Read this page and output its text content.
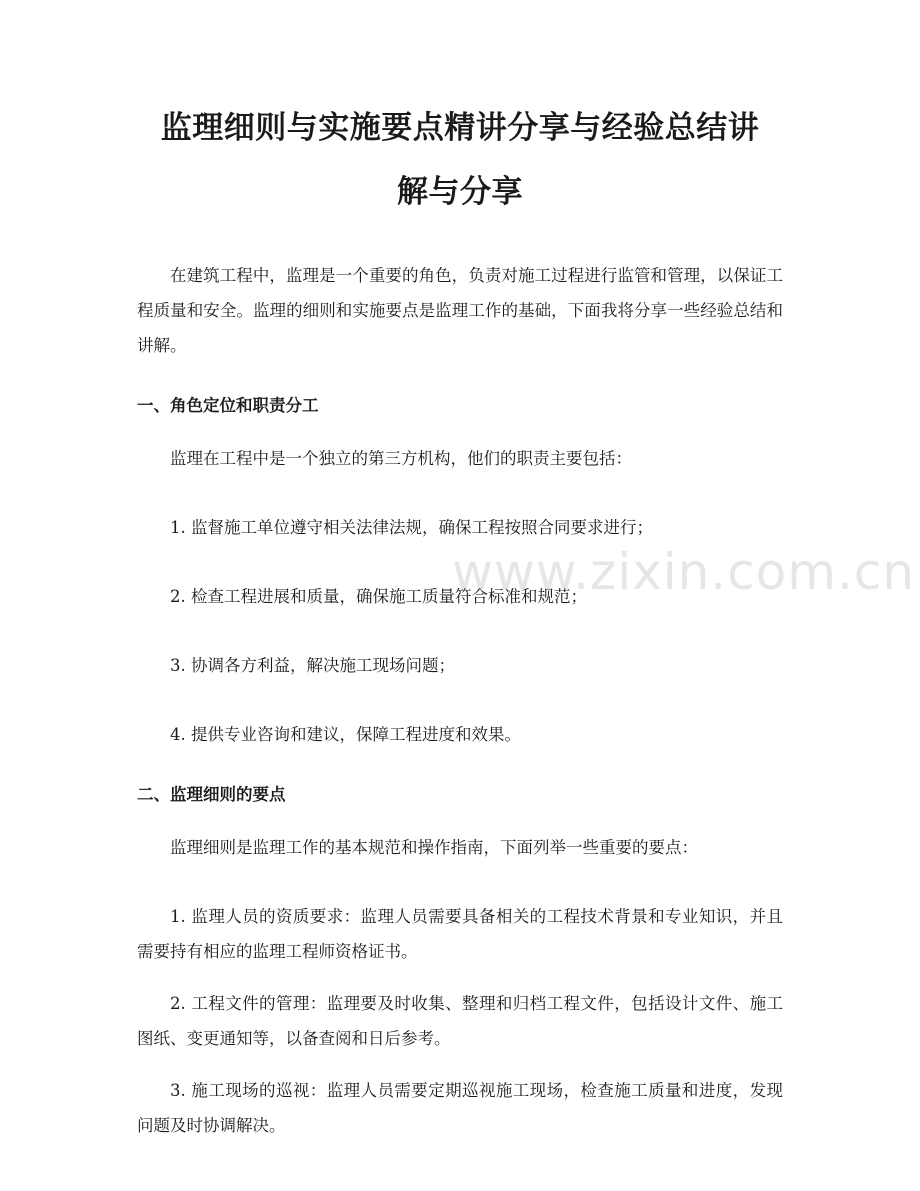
监理细则与实施要点精讲分享与经验总结讲
解与分享

在建筑工程中，监理是一个重要的角色，负责对施工过程进行监管和管理，以保证工程质量和安全。监理的细则和实施要点是监理工作的基础，下面我将分享一些经验总结和讲解。

一、角色定位和职责分工

监理在工程中是一个独立的第三方机构，他们的职责主要包括：

1. 监督施工单位遵守相关法律法规，确保工程按照合同要求进行；

2. 检查工程进展和质量，确保施工质量符合标准和规范；

3. 协调各方利益，解决施工现场问题；

4. 提供专业咨询和建议，保障工程进度和效果。

二、监理细则的要点

监理细则是监理工作的基本规范和操作指南，下面列举一些重要的要点：

1. 监理人员的资质要求：监理人员需要具备相关的工程技术背景和专业知识，并且需要持有相应的监理工程师资格证书。

2. 工程文件的管理：监理要及时收集、整理和归档工程文件，包括设计文件、施工图纸、变更通知等，以备查阅和日后参考。

3. 施工现场的巡视：监理人员需要定期巡视施工现场，检查施工质量和进度，发现问题及时协调解决。

www.zixin.com.cn
